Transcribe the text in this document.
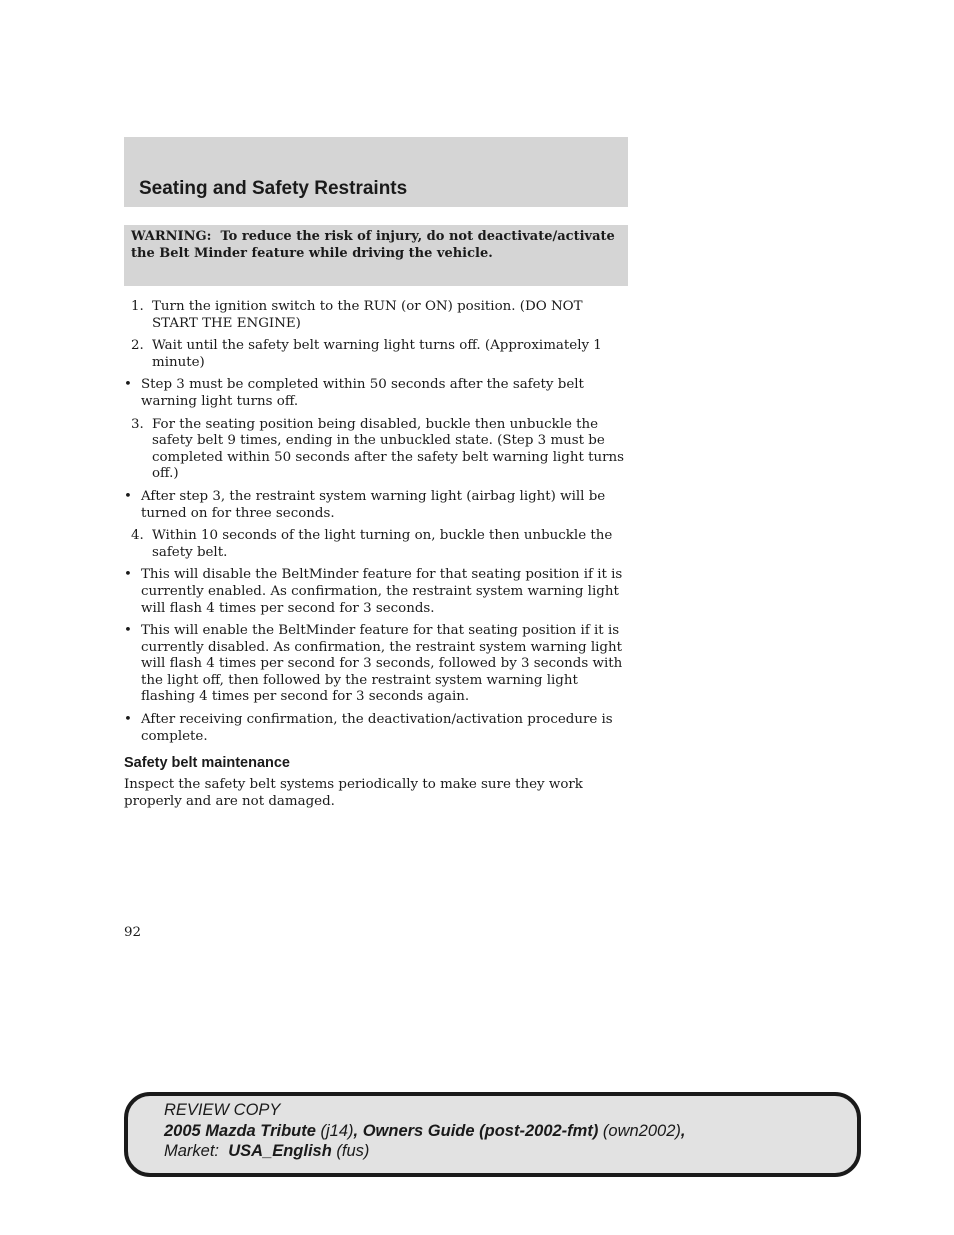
Seating and Safety Restraints
WARNING: To reduce the risk of injury, do not deactivate/activate the Belt Minder feature while driving the vehicle.
1. Turn the ignition switch to the RUN (or ON) position. (DO NOT START THE ENGINE)
2. Wait until the safety belt warning light turns off. (Approximately 1 minute)
• Step 3 must be completed within 50 seconds after the safety belt warning light turns off.
3. For the seating position being disabled, buckle then unbuckle the safety belt 9 times, ending in the unbuckled state. (Step 3 must be completed within 50 seconds after the safety belt warning light turns off.)
• After step 3, the restraint system warning light (airbag light) will be turned on for three seconds.
4. Within 10 seconds of the light turning on, buckle then unbuckle the safety belt.
• This will disable the BeltMinder feature for that seating position if it is currently enabled. As confirmation, the restraint system warning light will flash 4 times per second for 3 seconds.
• This will enable the BeltMinder feature for that seating position if it is currently disabled. As confirmation, the restraint system warning light will flash 4 times per second for 3 seconds, followed by 3 seconds with the light off, then followed by the restraint system warning light flashing 4 times per second for 3 seconds again.
• After receiving confirmation, the deactivation/activation procedure is complete.
Safety belt maintenance
Inspect the safety belt systems periodically to make sure they work properly and are not damaged.
92
REVIEW COPY
2005 Mazda Tribute (j14), Owners Guide (post-2002-fmt) (own2002),
Market: USA_English (fus)
